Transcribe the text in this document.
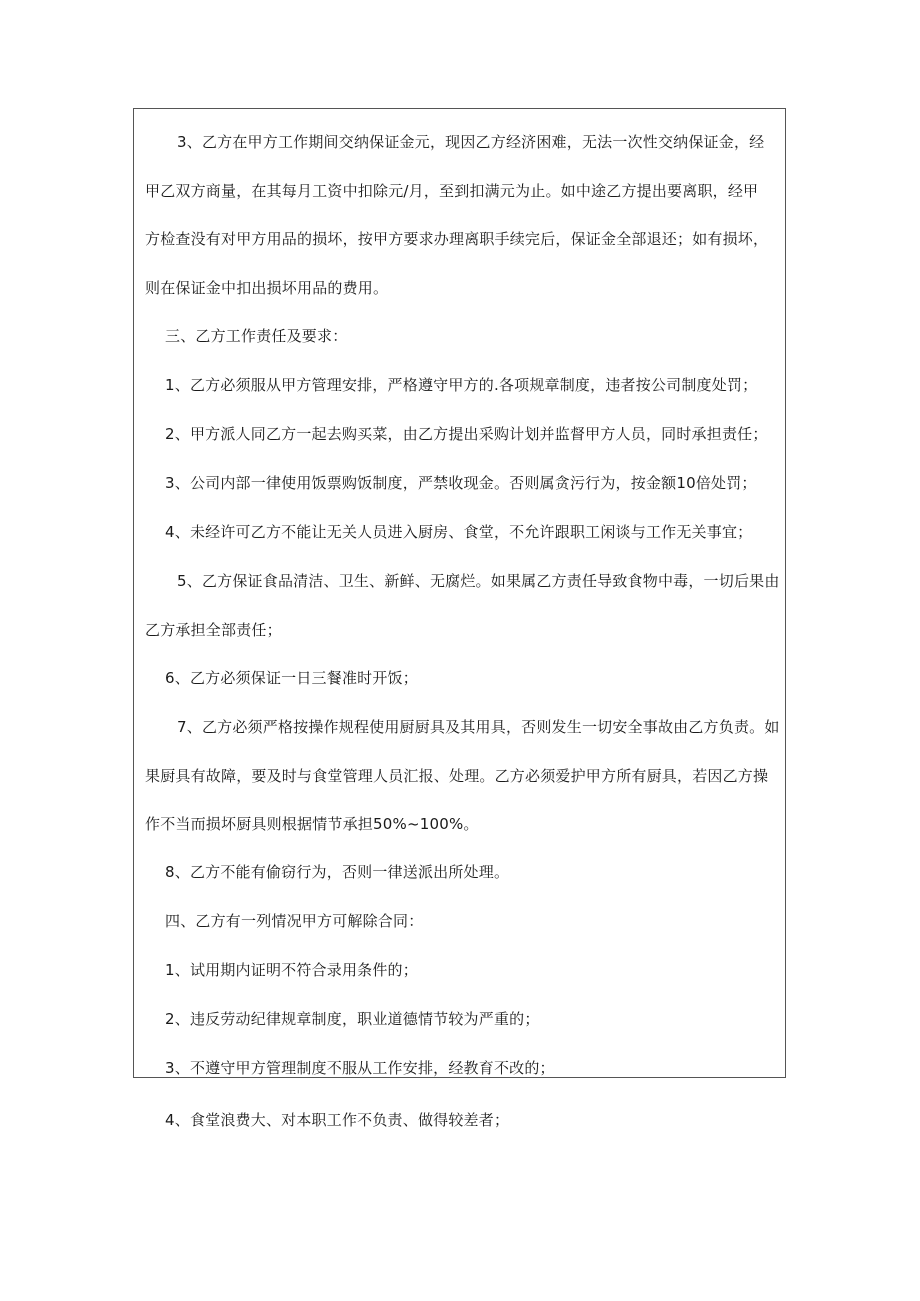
3、乙方在甲方工作期间交纳保证金元，现因乙方经济困难，无法一次性交纳保证金，经甲乙双方商量，在其每月工资中扣除元/月，至到扣满元为止。如中途乙方提出要离职，经甲方检查没有对甲方用品的损坏，按甲方要求办理离职手续完后，保证金全部退还；如有损坏，则在保证金中扣出损坏用品的费用。

三、乙方工作责任及要求：

1、乙方必须服从甲方管理安排，严格遵守甲方的.各项规章制度，违者按公司制度处罚；

2、甲方派人同乙方一起去购买菜，由乙方提出采购计划并监督甲方人员，同时承担责任；

3、公司内部一律使用饭票购饭制度，严禁收现金。否则属贪污行为，按金额10倍处罚；

4、未经许可乙方不能让无关人员进入厨房、食堂，不允许跟职工闲谈与工作无关事宜；

5、乙方保证食品清洁、卫生、新鲜、无腐烂。如果属乙方责任导致食物中毒，一切后果由乙方承担全部责任；

6、乙方必须保证一日三餐准时开饭；

7、乙方必须严格按操作规程使用厨厨具及其用具，否则发生一切安全事故由乙方负责。如果厨具有故障，要及时与食堂管理人员汇报、处理。乙方必须爱护甲方所有厨具，若因乙方操作不当而损坏厨具则根据情节承担50%~100%。

8、乙方不能有偷窃行为，否则一律送派出所处理。

四、乙方有一列情况甲方可解除合同：

1、试用期内证明不符合录用条件的；

2、违反劳动纪律规章制度，职业道德情节较为严重的；

3、不遵守甲方管理制度不服从工作安排，经教育不改的；

4、食堂浪费大、对本职工作不负责、做得较差者；
